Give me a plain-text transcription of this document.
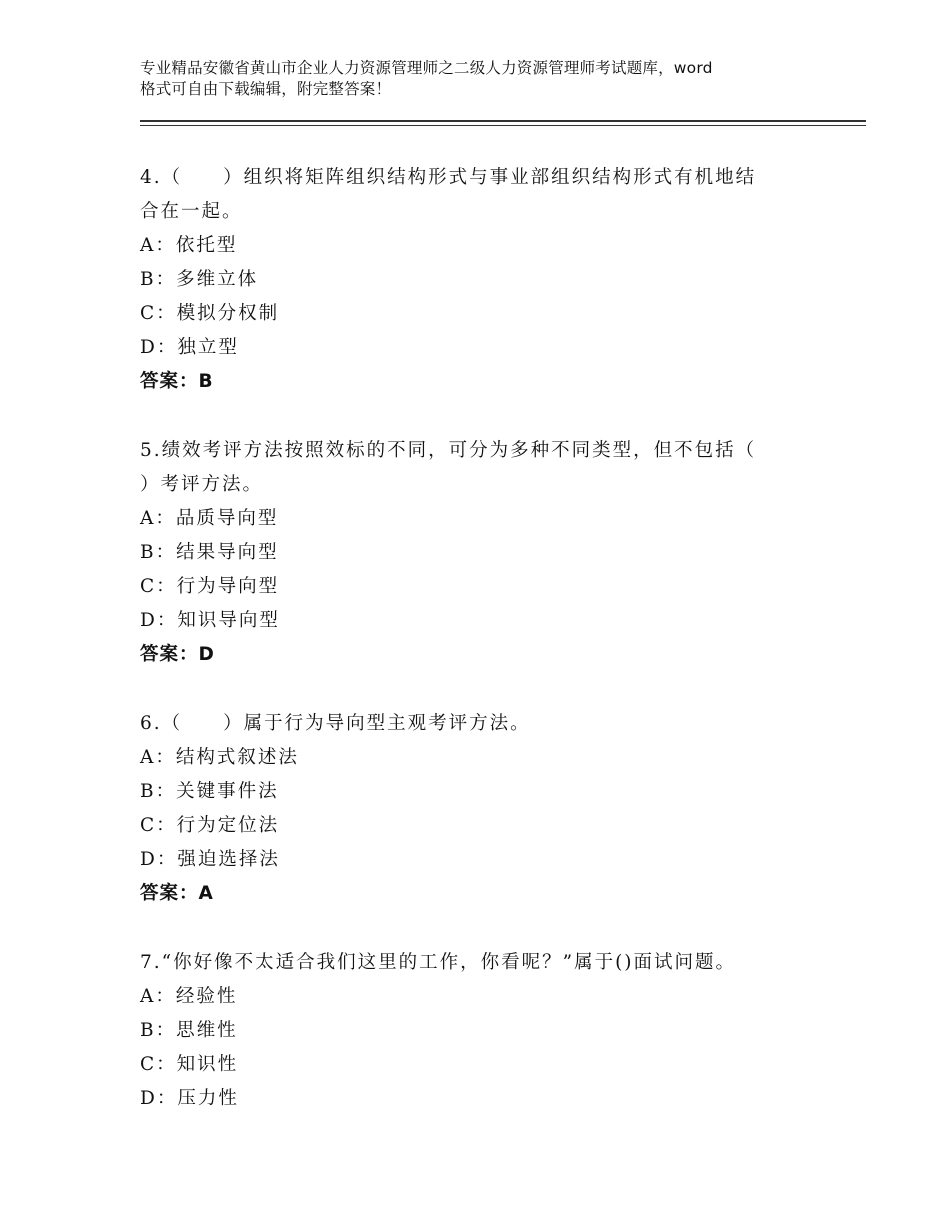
专业精品安徽省黄山市企业人力资源管理师之二级人力资源管理师考试题库，word
格式可自由下载编辑，附完整答案！
4.（　　）组织将矩阵组织结构形式与事业部组织结构形式有机地结
合在一起。
A：依托型
B：多维立体
C：模拟分权制
D：独立型
答案：B
5.绩效考评方法按照效标的不同，可分为多种不同类型，但不包括（
）考评方法。
A：品质导向型
B：结果导向型
C：行为导向型
D：知识导向型
答案：D
6.（　　）属于行为导向型主观考评方法。
A：结构式叙述法
B：关键事件法
C：行为定位法
D：强迫选择法
答案：A
7.“你好像不太适合我们这里的工作，你看呢？”属于()面试问题。
A：经验性
B：思维性
C：知识性
D：压力性
